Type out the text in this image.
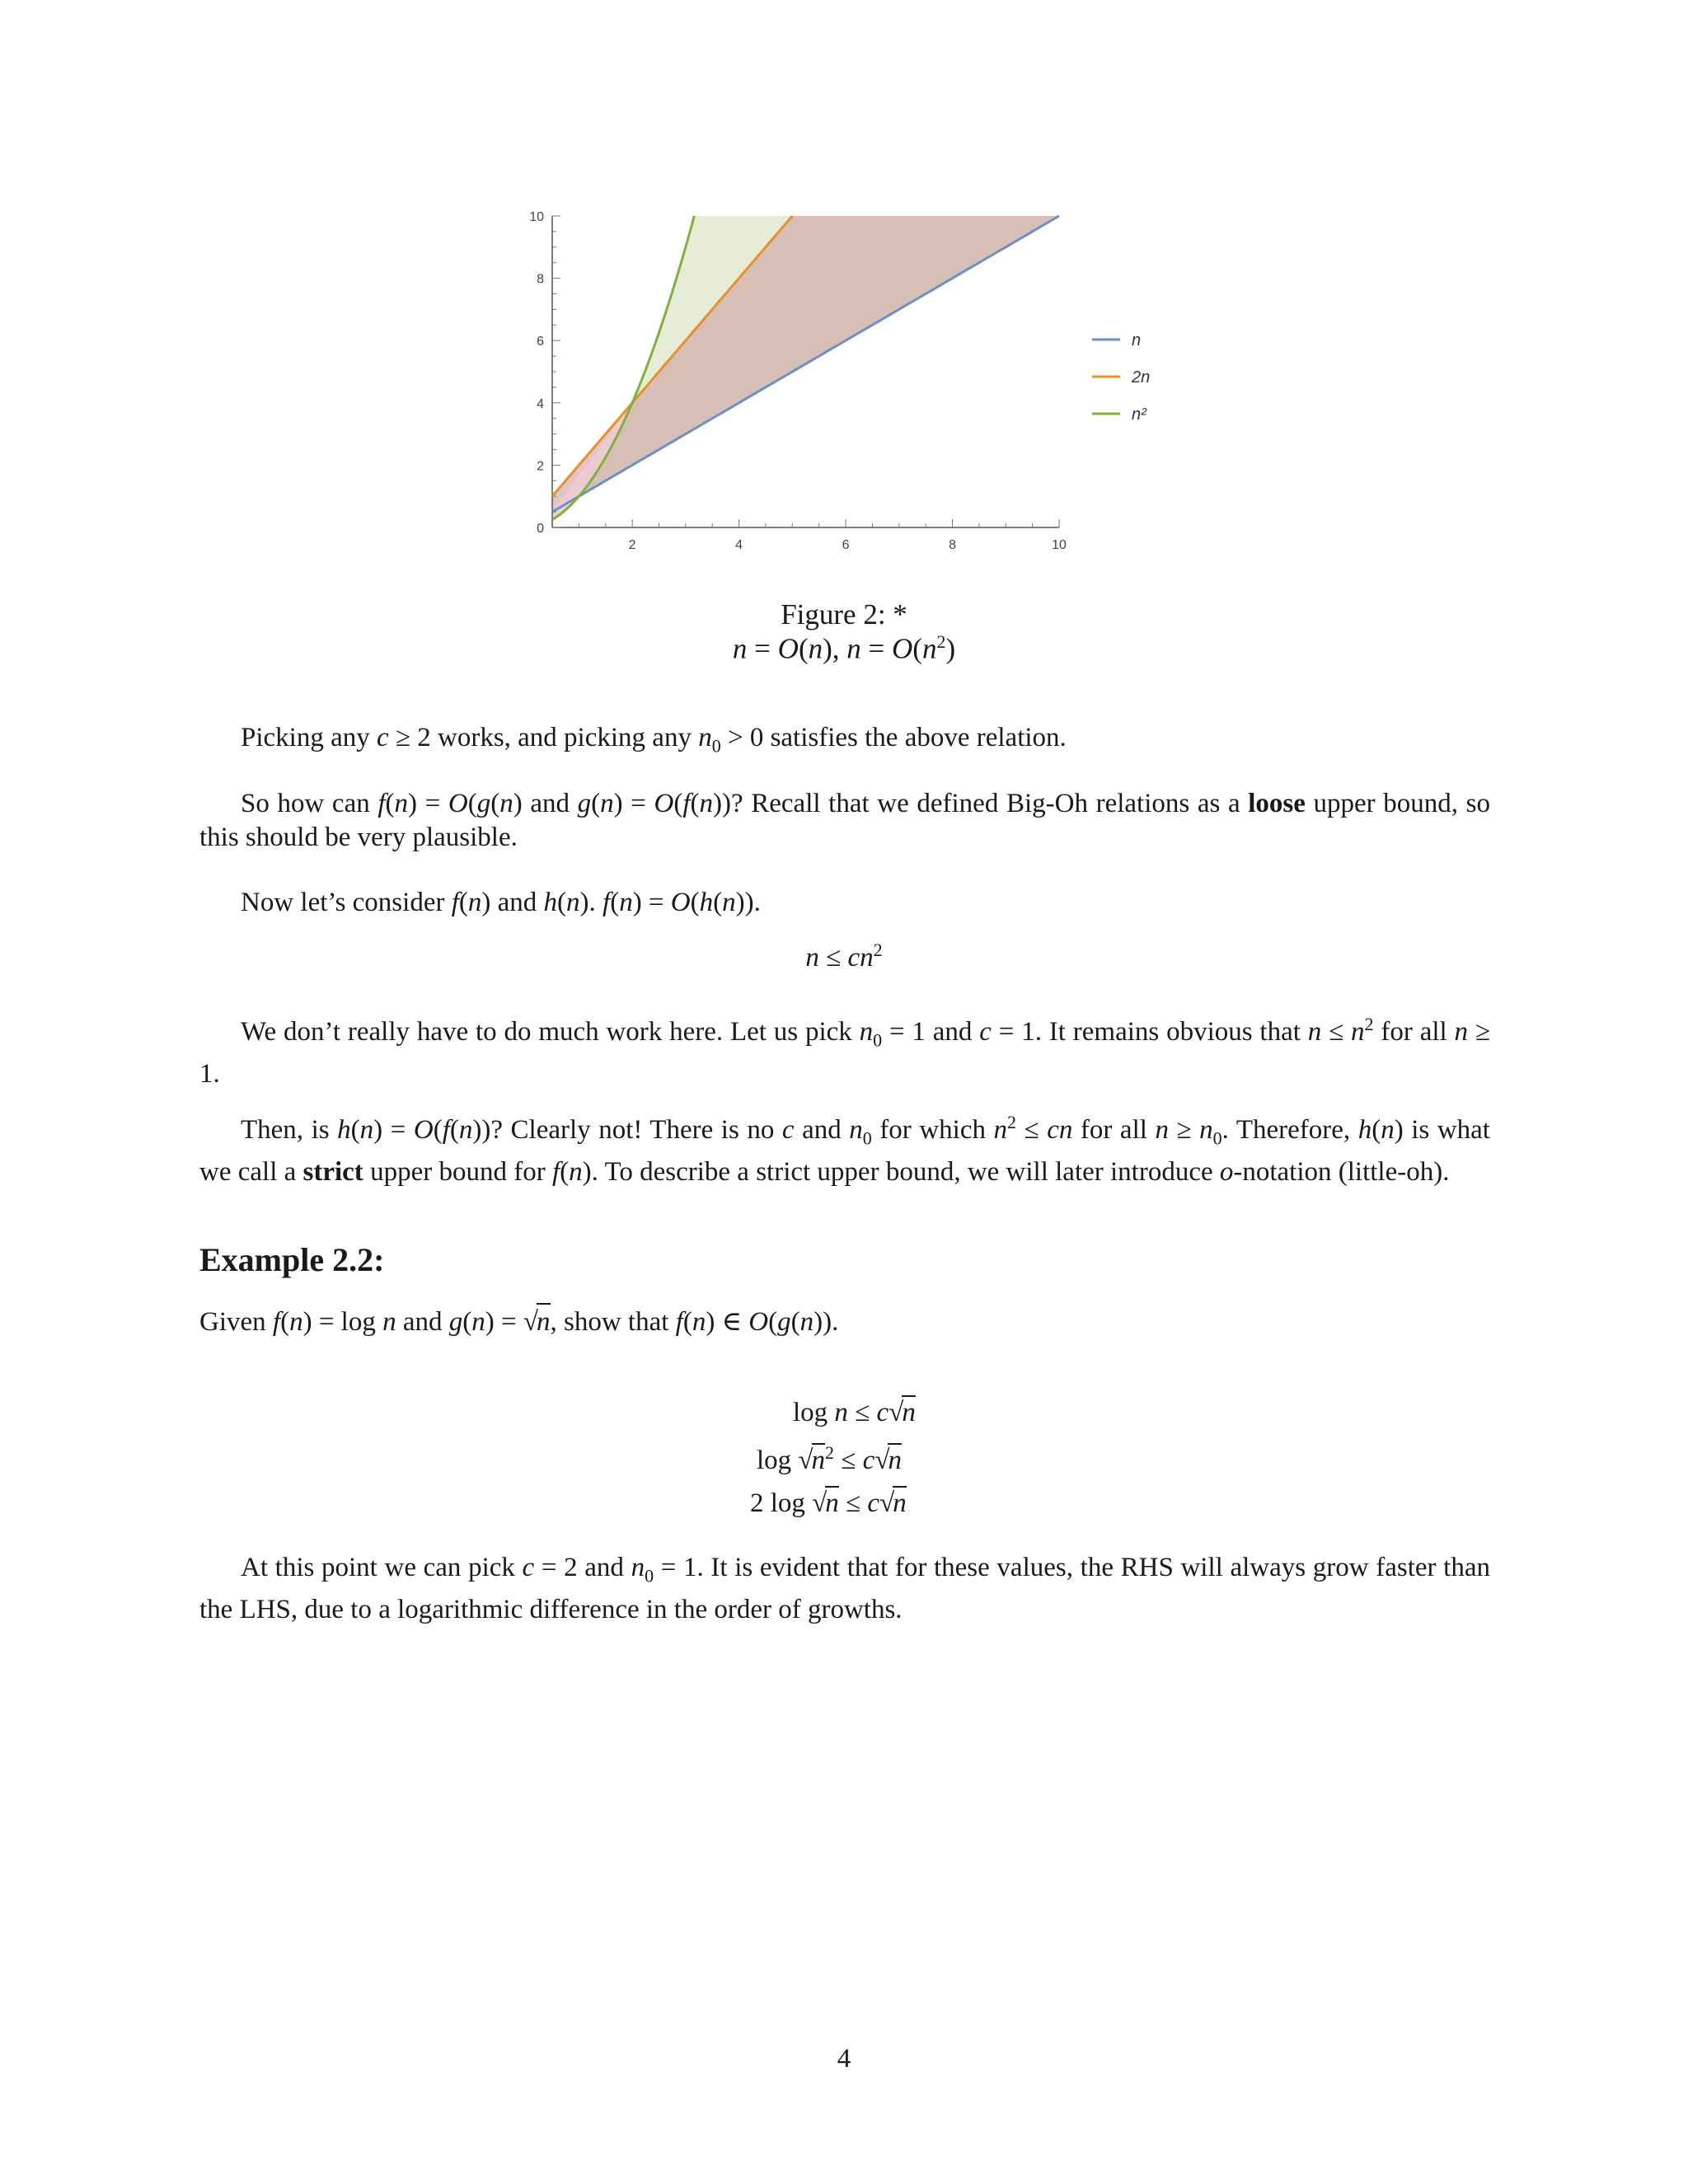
2	4	6	8	10
0
2
4
6
8
10
n
2n
n²
Figure 2: *
n = O(n), $n = O(n^2)$
Picking any c ≥ 2 works, and picking any $n_0 > 0$ satisfies the above relation.
So how can f(n) = O(g(n) and g(n) = O(f(n))? Recall that we defined Big-Oh relations as a loose upper bound, so this should be very plausible.
Now let’s consider f(n) and h(n). f(n) = O(h(n)).
$n \le cn^2$
We don’t really have to do much work here. Let us pick $n_0 = 1$ and c = 1. It remains obvious that $n \le n^2$ for all n ≥ 1.
Then, is h(n) = O(f(n))? Clearly not! There is no c and $n_0$ for which $n^2$ ≤ cn for all $n \ge n_0$. Therefore, h(n) is what we call a strict upper bound for f(n). To describe a strict upper bound, we will later introduce o-notation (little-oh).
Example 2.2:
Given f(n) = log n and g(n) = √n, show that f(n) ∈ O(g(n)).
log n ≤ c√n
$\log √n^2 \le c√n$
2 log √n ≤ c√n
At this point we can pick c = 2 and $n_0 = 1$. It is evident that for these values, the RHS will always grow faster than the LHS, due to a logarithmic difference in the order of growths.
4
